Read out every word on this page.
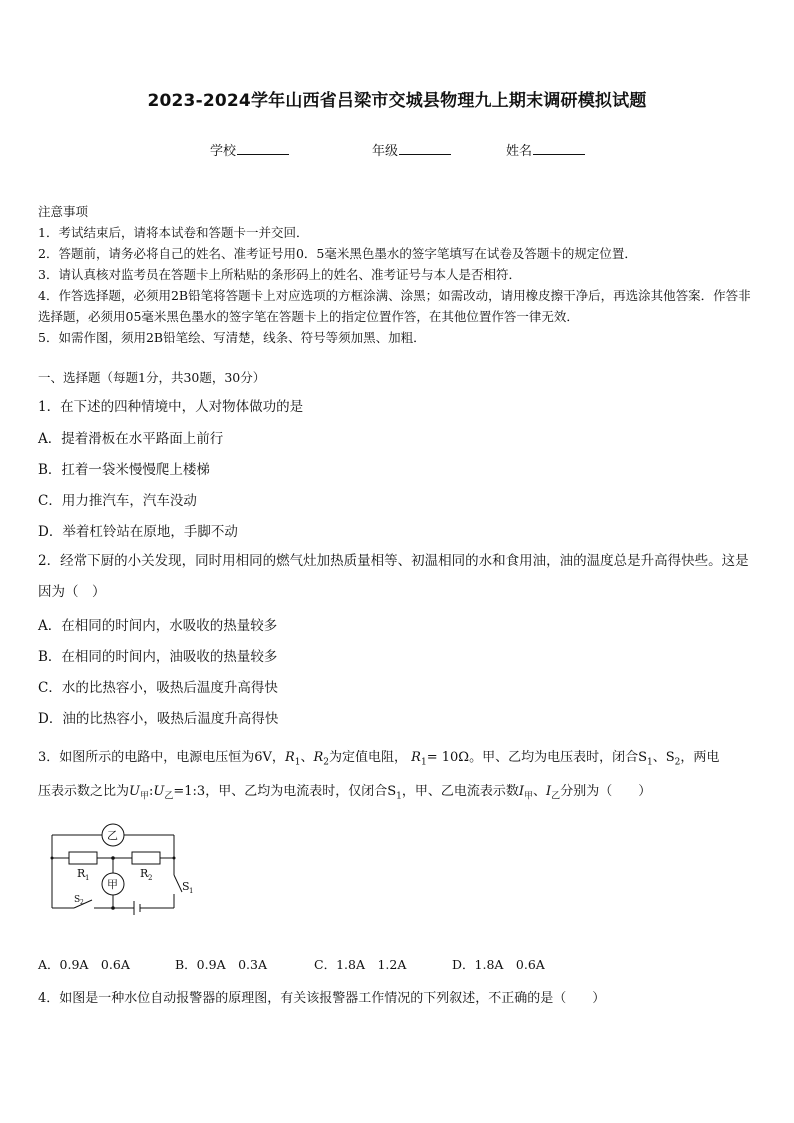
2023-2024学年山西省吕梁市交城县物理九上期末调研模拟试题
学校	年级	姓名

注意事项

1．考试结束后，请将本试卷和答题卡一并交回．

2．答题前，请务必将自己的姓名、准考证号用0．5毫米黑色墨水的签字笔填写在试卷及答题卡的规定位置．

3．请认真核对监考员在答题卡上所粘贴的条形码上的姓名、准考证号与本人是否相符．

4．作答选择题，必须用2B铅笔将答题卡上对应选项的方框涂满、涂黑；如需改动，请用橡皮擦干净后，再选涂其他答案．作答非选择题，必须用05毫米黑色墨水的签字笔在答题卡上的指定位置作答，在其他位置作答一律无效．

5．如需作图，须用2B铅笔绘、写清楚，线条、符号等须加黑、加粗．

一、选择题（每题1分，共30题，30分）
1．在下述的四种情境中，人对物体做功的是
A．提着滑板在水平路面上前行
B．扛着一袋米慢慢爬上楼梯
C．用力推汽车，汽车没动
D．举着杠铃站在原地，手脚不动
2．经常下厨的小关发现，同时用相同的燃气灶加热质量相等、初温相同的水和食用油，油的温度总是升高得快些。这是因为（　）
A．在相同的时间内，水吸收的热量较多
B．在相同的时间内，油吸收的热量较多
C．水的比热容小，吸热后温度升高得快
D．油的比热容小，吸热后温度升高得快
3．如图所示的电路中，电源电压恒为6V，$R_1$、$R_2$为定值电阻， $R_1= 10\Omega$。甲、乙均为电压表时，闭合$S_1$、$S_2$，两电
压表示数之比为$U_甲:U_乙=1:3$，甲、乙均为电流表时，仅闭合$S_1$，甲、乙电流表示数$I_甲$、$I_乙$分别为（　　）
乙
甲
R 1	R 2
S 1
S 2
A．0.9A　0.6A	B．0.9A　0.3A	C．1.8A　1.2A	D．1.8A　0.6A
4．如图是一种水位自动报警器的原理图，有关该报警器工作情况的下列叙述，不正确的是（　　）
